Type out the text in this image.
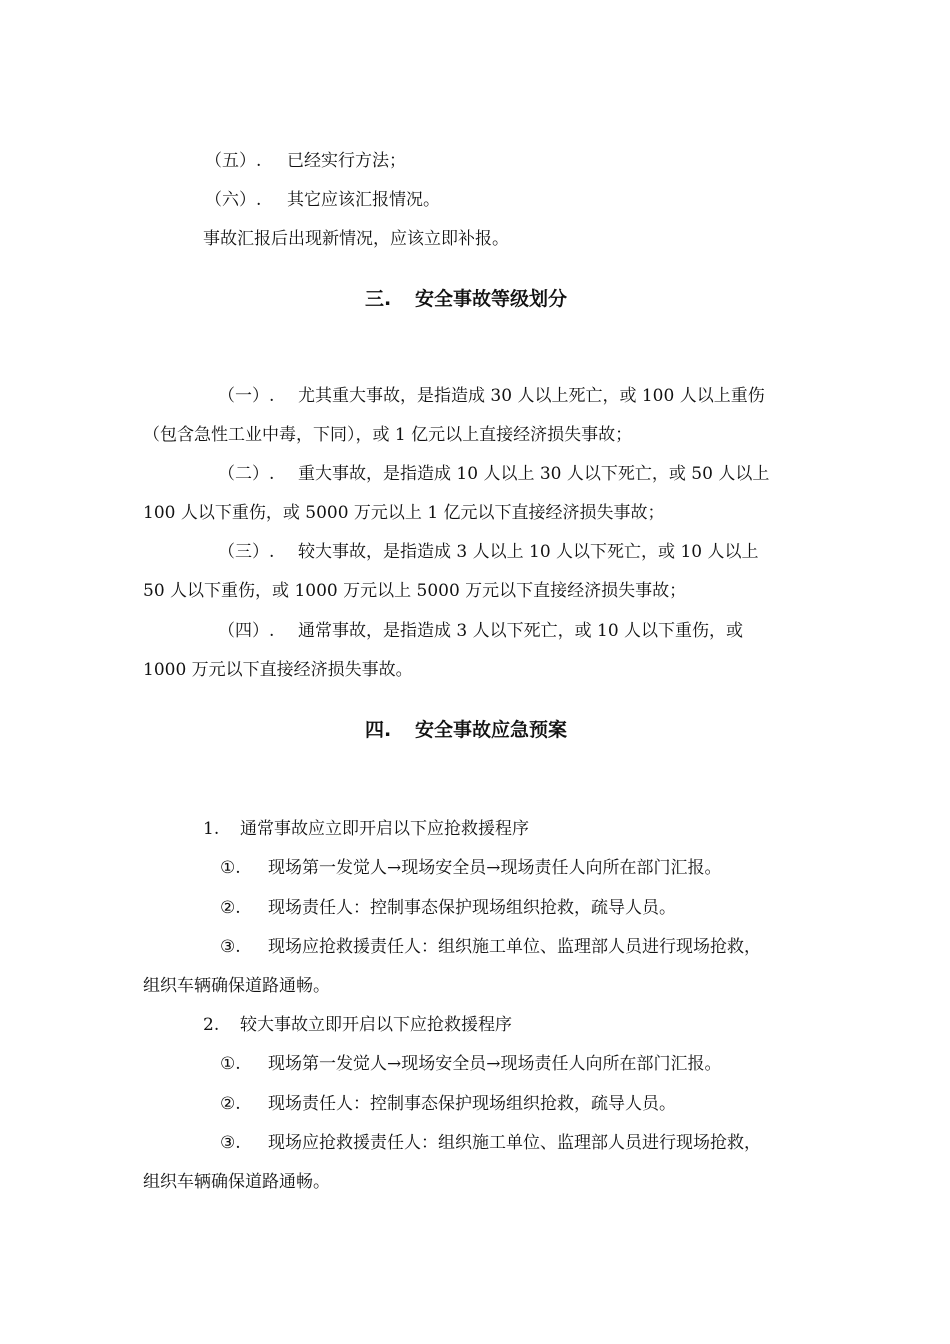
（五）. 已经实行方法；
（六）. 其它应该汇报情况。
事故汇报后出现新情况，应该立即补报。
三. 安全事故等级划分
（一）. 尤其重大事故，是指造成 30 人以上死亡，或 100 人以上重伤
（包含急性工业中毒，下同），或 1 亿元以上直接经济损失事故；
（二）. 重大事故，是指造成 10 人以上 30 人以下死亡，或 50 人以上
100 人以下重伤，或 5000 万元以上 1 亿元以下直接经济损失事故；
（三）. 较大事故，是指造成 3 人以上 10 人以下死亡，或 10 人以上
50 人以下重伤，或 1000 万元以上 5000 万元以下直接经济损失事故；
（四）. 通常事故，是指造成 3 人以下死亡，或 10 人以下重伤，或
1000 万元以下直接经济损失事故。
四. 安全事故应急预案
1. 通常事故应立即开启以下应抢救援程序
①. 现场第一发觉人→现场安全员→现场责任人向所在部门汇报。
②. 现场责任人：控制事态保护现场组织抢救，疏导人员。
③. 现场应抢救援责任人：组织施工单位、监理部人员进行现场抢救，
组织车辆确保道路通畅。
2. 较大事故立即开启以下应抢救援程序
①. 现场第一发觉人→现场安全员→现场责任人向所在部门汇报。
②. 现场责任人：控制事态保护现场组织抢救，疏导人员。
③. 现场应抢救援责任人：组织施工单位、监理部人员进行现场抢救，
组织车辆确保道路通畅。
